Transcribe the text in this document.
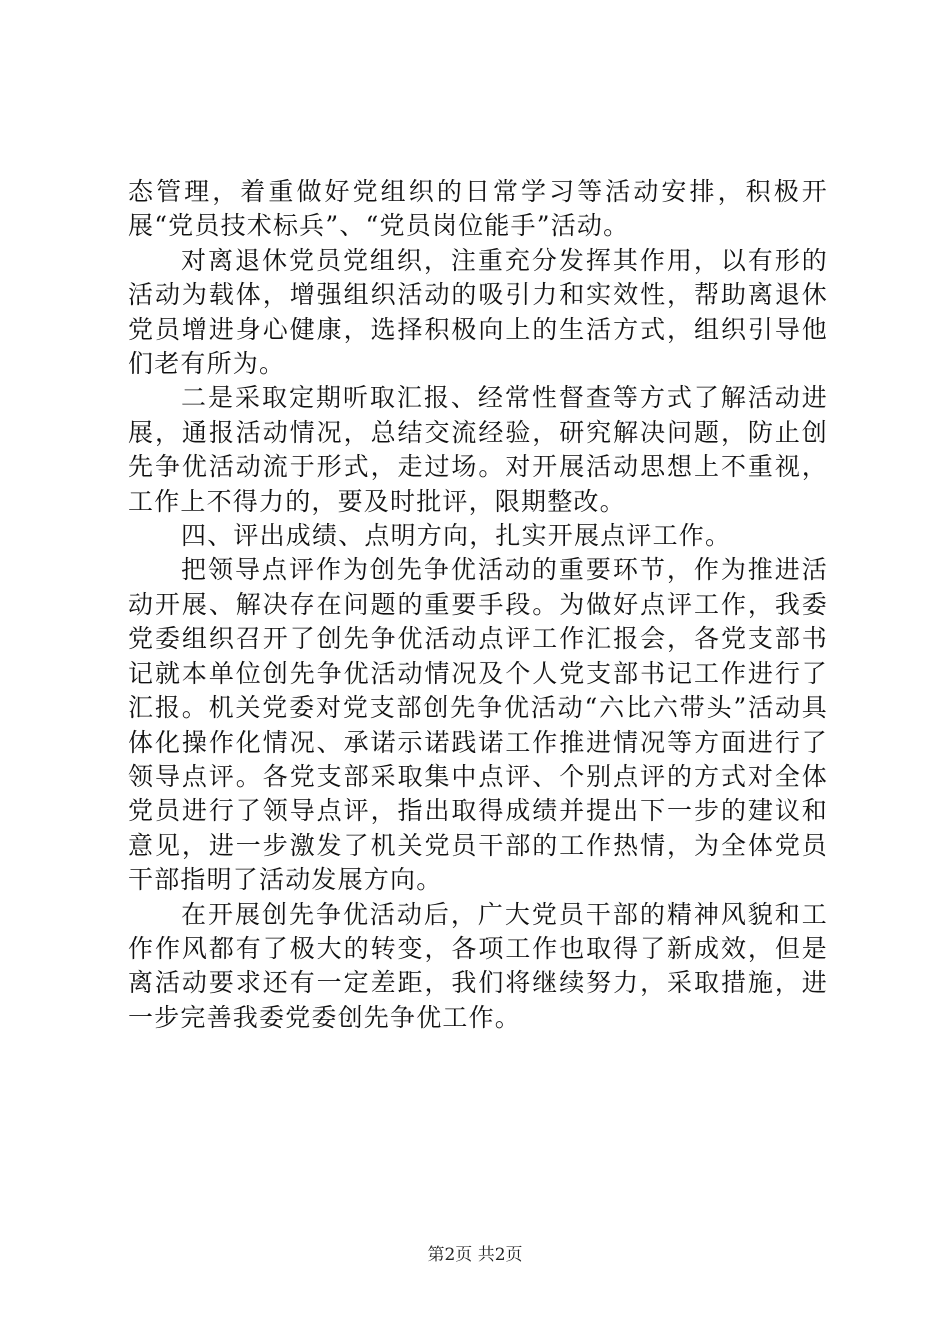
态管理，着重做好党组织的日常学习等活动安排，积极开展“党员技术标兵”、“党员岗位能手”活动。

对离退休党员党组织，注重充分发挥其作用，以有形的活动为载体，增强组织活动的吸引力和实效性，帮助离退休党员增进身心健康，选择积极向上的生活方式，组织引导他们老有所为。

二是采取定期听取汇报、经常性督查等方式了解活动进展，通报活动情况，总结交流经验，研究解决问题，防止创先争优活动流于形式，走过场。对开展活动思想上不重视，工作上不得力的，要及时批评，限期整改。

四、评出成绩、点明方向，扎实开展点评工作。

把领导点评作为创先争优活动的重要环节，作为推进活动开展、解决存在问题的重要手段。为做好点评工作，我委党委组织召开了创先争优活动点评工作汇报会，各党支部书记就本单位创先争优活动情况及个人党支部书记工作进行了汇报。机关党委对党支部创先争优活动“六比六带头”活动具体化操作化情况、承诺示诺践诺工作推进情况等方面进行了领导点评。各党支部采取集中点评、个别点评的方式对全体党员进行了领导点评，指出取得成绩并提出下一步的建议和意见，进一步激发了机关党员干部的工作热情，为全体党员干部指明了活动发展方向。

在开展创先争优活动后，广大党员干部的精神风貌和工作作风都有了极大的转变，各项工作也取得了新成效，但是离活动要求还有一定差距，我们将继续努力，采取措施，进一步完善我委党委创先争优工作。

第2页 共2页
